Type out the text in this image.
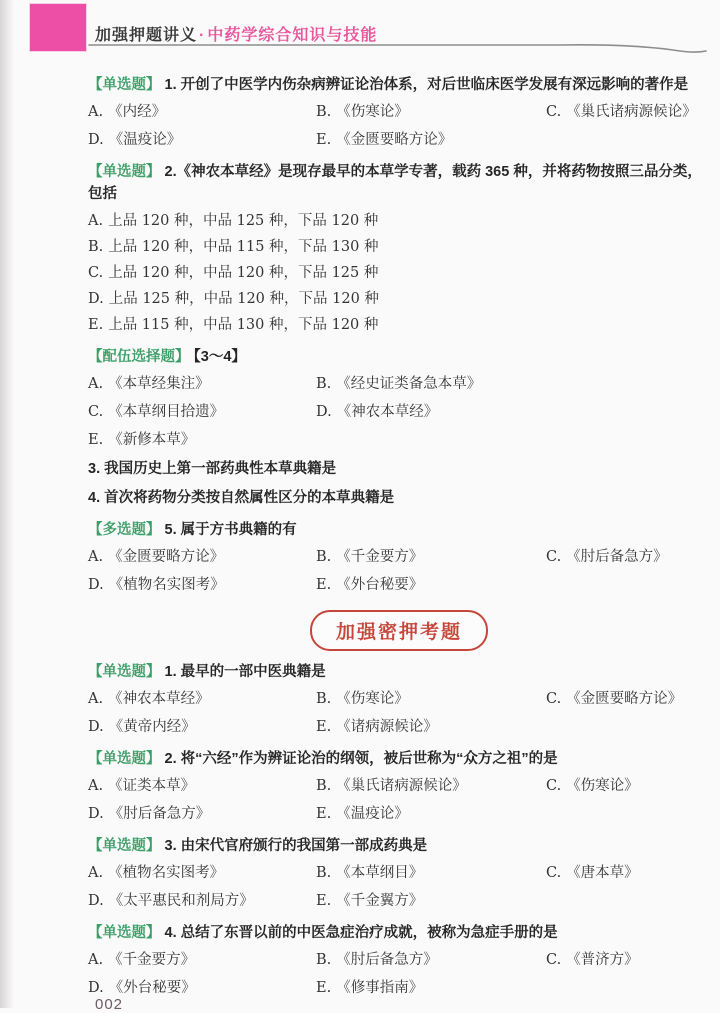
加强押题讲义 · 中药学综合知识与技能
【单选题】 1. 开创了中医学内伤杂病辨证论治体系，对后世临床医学发展有深远影响的著作是
A. 《内经》	B. 《伤寒论》	C. 《巢氏诸病源候论》
D. 《温疫论》	E. 《金匮要略方论》
【单选题】 2.《神农本草经》是现存最早的本草学专著，载药 365 种，并将药物按照三品分类，包括
A. 上品 120 种，中品 125 种，下品 120 种
B. 上品 120 种，中品 115 种，下品 130 种
C. 上品 120 种，中品 120 种，下品 125 种
D. 上品 125 种，中品 120 种，下品 120 种
E. 上品 115 种，中品 130 种，下品 120 种
【配伍选择题】 【3～4】
A. 《本草经集注》	B. 《经史证类备急本草》
C. 《本草纲目拾遗》	D. 《神农本草经》
E. 《新修本草》
3. 我国历史上第一部药典性本草典籍是
4. 首次将药物分类按自然属性区分的本草典籍是
【多选题】 5. 属于方书典籍的有
A. 《金匮要略方论》	B. 《千金要方》	C. 《肘后备急方》
D. 《植物名实图考》	E. 《外台秘要》
加强密押考题
【单选题】 1. 最早的一部中医典籍是
A. 《神农本草经》	B. 《伤寒论》	C. 《金匮要略方论》
D. 《黄帝内经》	E. 《诸病源候论》
【单选题】 2. 将“六经”作为辨证论治的纲领，被后世称为“众方之祖”的是
A. 《证类本草》	B. 《巢氏诸病源候论》	C. 《伤寒论》
D. 《肘后备急方》	E. 《温疫论》
【单选题】 3. 由宋代官府颁行的我国第一部成药典是
A. 《植物名实图考》	B. 《本草纲目》	C. 《唐本草》
D. 《太平惠民和剂局方》	E. 《千金翼方》
【单选题】 4. 总结了东晋以前的中医急症治疗成就，被称为急症手册的是
A. 《千金要方》	B. 《肘后备急方》	C. 《普济方》
D. 《外台秘要》	E. 《修事指南》
002
